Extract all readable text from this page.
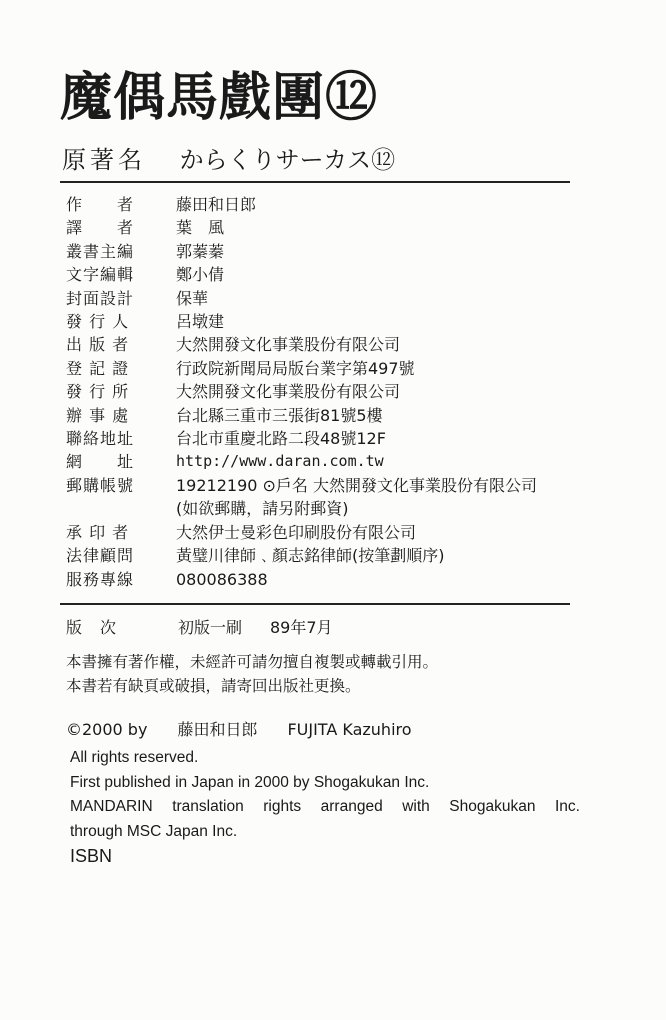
魔偶馬戲團⑫
原著名 からくりサーカス⑫
作　　者	藤田和日郎
譯　　者	葉　風
叢書主編	郭蓁蓁
文字編輯	鄭小倩
封面設計	保華
發 行 人	呂墩建
出 版 者	大然開發文化事業股份有限公司
登 記 證	行政院新聞局局版台業字第497號
發 行 所	大然開發文化事業股份有限公司
辦 事 處	台北縣三重市三張街81號5樓
聯絡地址	台北市重慶北路二段48號12F
網　　址	http://www.daran.com.tw
郵購帳號	19212190 ⊙戶名 大然開發文化事業股份有限公司
(如欲郵購，請另附郵資)
承 印 者	大然伊士曼彩色印刷股份有限公司
法律顧問	黃璧川律師﹑顏志銘律師(按筆劃順序)
服務專線	080086388
版次	初版一刷	89年7月
本書擁有著作權，未經許可請勿擅自複製或轉載引用。
本書若有缺頁或破損，請寄回出版社更換。
©2000 by 藤田和日郎 FUJITA Kazuhiro
All rights reserved.
First published in Japan in 2000 by Shogakukan Inc.
MANDARIN translation rights arranged with Shogakukan Inc.
through MSC Japan Inc.
ISBN
